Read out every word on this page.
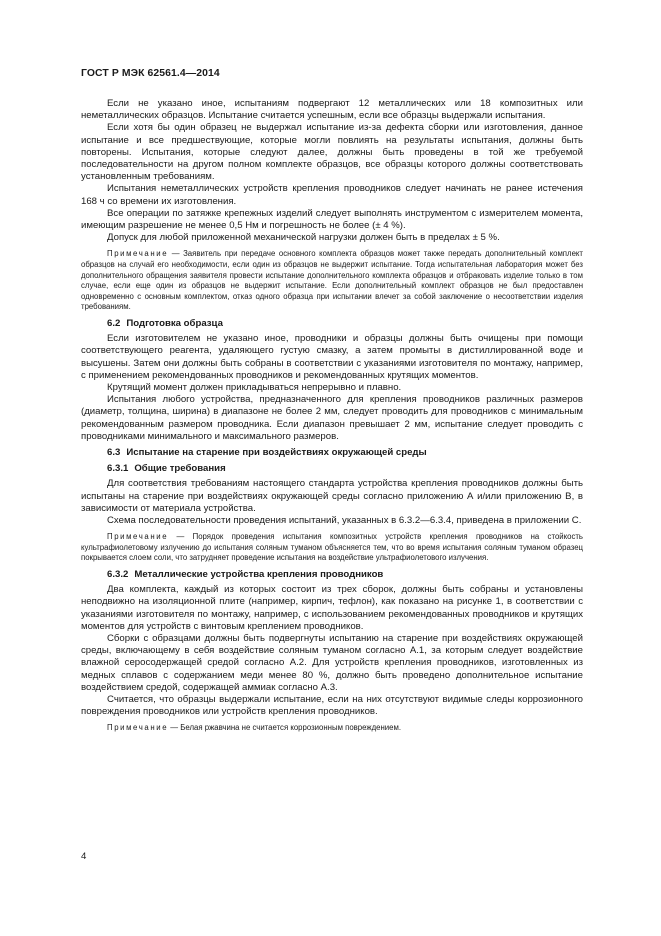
ГОСТ Р МЭК 62561.4—2014

Если не указано иное, испытаниям подвергают 12 металлических или 18 композитных или неметаллических образцов. Испытание считается успешным, если все образцы выдержали испытания.

Если хотя бы один образец не выдержал испытание из-за дефекта сборки или изготовления, данное испытание и все предшествующие, которые могли повлиять на результаты испытания, должны быть повторены. Испытания, которые следуют далее, должны быть проведены в той же требуемой последовательности на другом полном комплекте образцов, все образцы которого должны соответствовать установленным требованиям.

Испытания неметаллических устройств крепления проводников следует начинать не ранее истечения 168 ч со времени их изготовления.

Все операции по затяжке крепежных изделий следует выполнять инструментом с измерителем момента, имеющим разрешение не менее 0,5 Нм и погрешность не более (± 4 %).

Допуск для любой приложенной механической нагрузки должен быть в пределах ± 5 %.

Примечание — Заявитель при передаче основного комплекта образцов может также передать дополнительный комплект образцов на случай его необходимости, если один из образцов не выдержит испытание. Тогда испытательная лаборатория может без дополнительного обращения заявителя провести испытание дополнительного комплекта образцов и отбраковать изделие только в том случае, если еще один из образцов не выдержит испытание. Если дополнительный комплект образцов не был предоставлен одновременно с основным комплектом, отказ одного образца при испытании влечет за собой заключение о несоответствии изделия требованиям.

6.2 Подготовка образца

Если изготовителем не указано иное, проводники и образцы должны быть очищены при помощи соответствующего реагента, удаляющего густую смазку, а затем промыты в дистиллированной воде и высушены. Затем они должны быть собраны в соответствии с указаниями изготовителя по монтажу, например, с применением рекомендованных проводников и рекомендованных крутящих моментов.

Крутящий момент должен прикладываться непрерывно и плавно.

Испытания любого устройства, предназначенного для крепления проводников различных размеров (диаметр, толщина, ширина) в диапазоне не более 2 мм, следует проводить для проводников с минимальным рекомендованным размером проводника. Если диапазон превышает 2 мм, испытание следует проводить с проводниками минимального и максимального размеров.

6.3 Испытание на старение при воздействиях окружающей среды
6.3.1 Общие требования

Для соответствия требованиям настоящего стандарта устройства крепления проводников должны быть испытаны на старение при воздействиях окружающей среды согласно приложению А и/или приложению В, в зависимости от материала устройства.

Схема последовательности проведения испытаний, указанных в 6.3.2—6.3.4, приведена в приложении С.

Примечание — Порядок проведения испытания композитных устройств крепления проводников на стойкость культрафиолетовому излучению до испытания соляным туманом объясняется тем, что во время испытания соляным туманом образец покрывается слоем соли, что затрудняет проведение испытания на воздействие ультрафиолетового излучения.

6.3.2 Металлические устройства крепления проводников

Два комплекта, каждый из которых состоит из трех сборок, должны быть собраны и установлены неподвижно на изоляционной плите (например, кирпич, тефлон), как показано на рисунке 1, в соответствии с указаниями изготовителя по монтажу, например, с использованием рекомендованных проводников и крутящих моментов для устройств с винтовым креплением проводников.

Сборки с образцами должны быть подвергнуты испытанию на старение при воздействиях окружающей среды, включающему в себя воздействие соляным туманом согласно А.1, за которым следует воздействие влажной серосодержащей средой согласно А.2. Для устройств крепления проводников, изготовленных из медных сплавов с содержанием меди менее 80 %, должно быть проведено дополнительное испытание воздействием средой, содержащей аммиак согласно А.3.

Считается, что образцы выдержали испытание, если на них отсутствуют видимые следы коррозионного повреждения проводников или устройств крепления проводников.

Примечание — Белая ржавчина не считается коррозионным повреждением.

4
